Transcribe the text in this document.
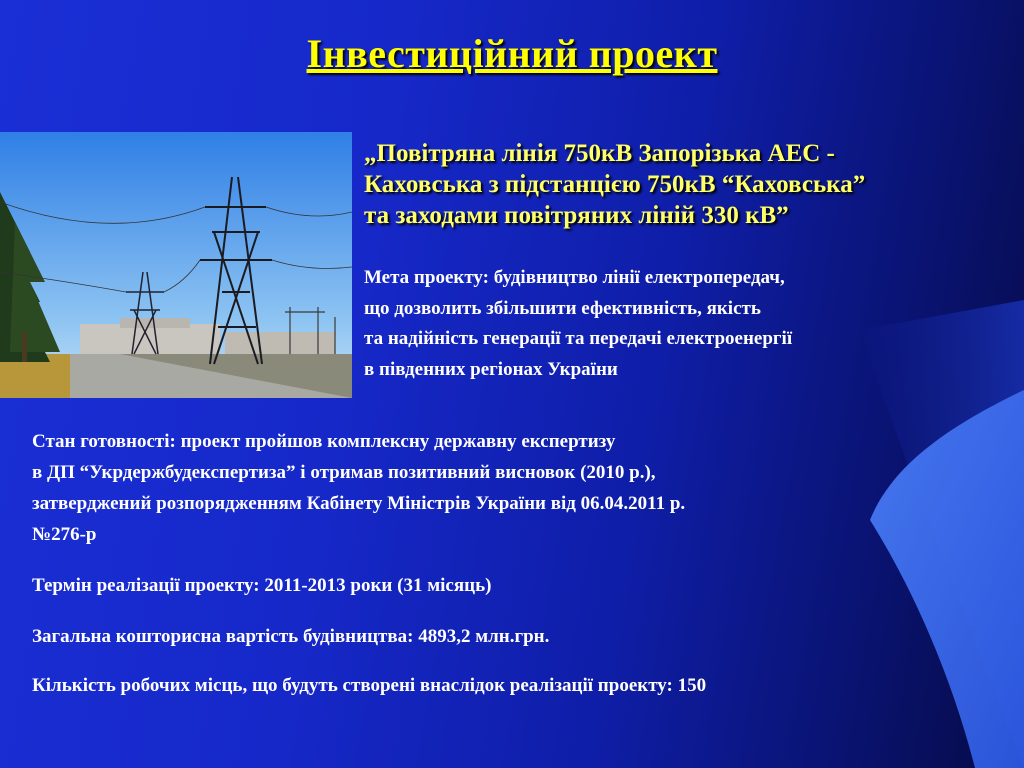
Інвестиційний проект

„Повітряна лінія 750кВ Запорізька АЕС -
Каховська з підстанцією 750кВ “Каховська”
та заходами повітряних ліній 330 кВ”

Мета проекту: будівництво лінії електропередач,
що дозволить збільшити ефективність, якість
та надійність генерації та передачі електроенергії
в південних регіонах України

Стан готовності: проект пройшов комплексну державну експертизу
в ДП “Укрдержбудекспертиза” і отримав позитивний висновок (2010 р.),
затверджений розпорядженням Кабінету Міністрів України від 06.04.2011 р.
№276-р

Термін реалізації проекту: 2011-2013 роки (31 місяць)

Загальна кошторисна вартість будівництва: 4893,2 млн.грн.

Кількість робочих місць, що будуть створені внаслідок реалізації проекту: 150
